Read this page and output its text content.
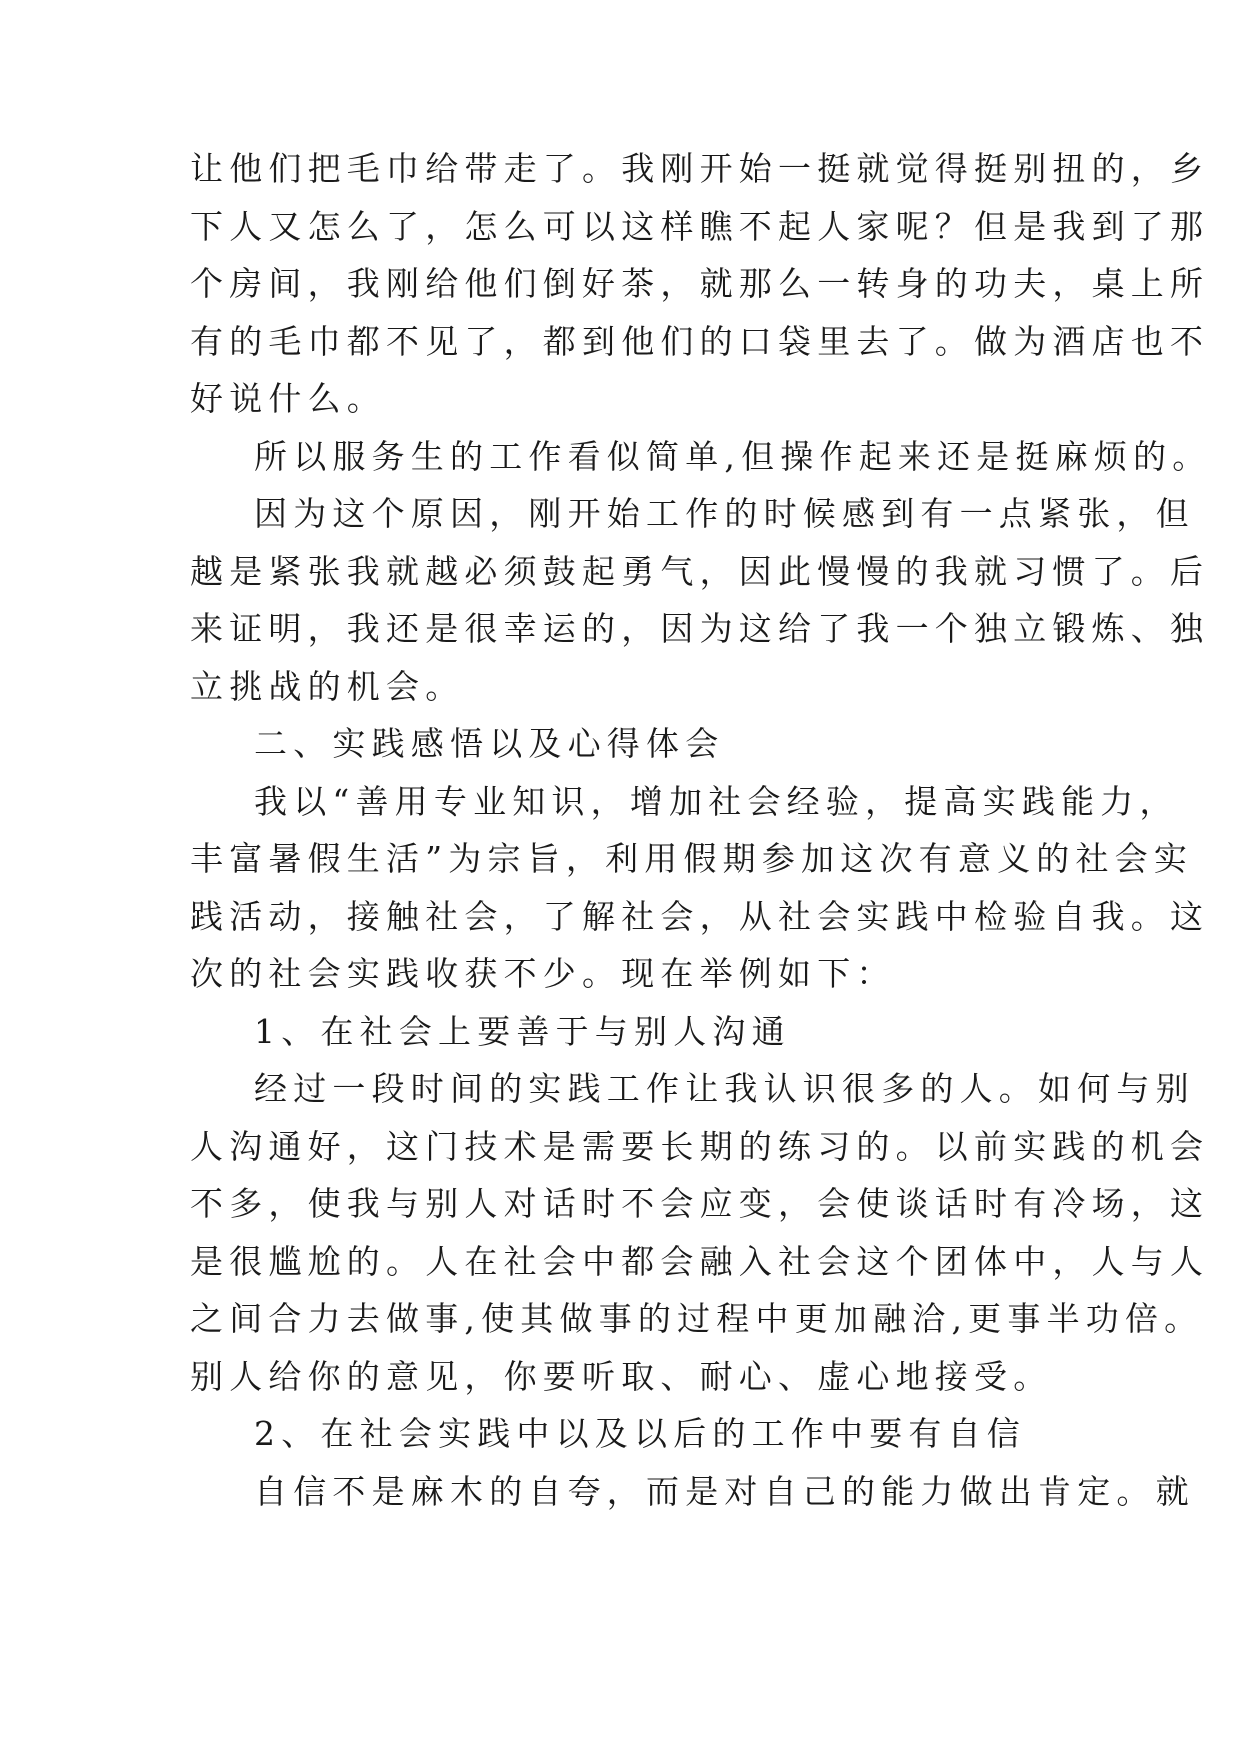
让他们把毛巾给带走了。我刚开始一挺就觉得挺别扭的，乡
下人又怎么了，怎么可以这样瞧不起人家呢？但是我到了那
个房间，我刚给他们倒好茶，就那么一转身的功夫，桌上所
有的毛巾都不见了，都到他们的口袋里去了。做为酒店也不
好说什么。
所以服务生的工作看似简单,但操作起来还是挺麻烦的。
因为这个原因，刚开始工作的时候感到有一点紧张，但
越是紧张我就越必须鼓起勇气，因此慢慢的我就习惯了。后
来证明，我还是很幸运的，因为这给了我一个独立锻炼、独
立挑战的机会。
二、实践感悟以及心得体会
我以“善用专业知识，增加社会经验，提高实践能力，
丰富暑假生活”为宗旨，利用假期参加这次有意义的社会实
践活动，接触社会，了解社会，从社会实践中检验自我。这
次的社会实践收获不少。现在举例如下：
1、在社会上要善于与别人沟通
经过一段时间的实践工作让我认识很多的人。如何与别
人沟通好，这门技术是需要长期的练习的。以前实践的机会
不多，使我与别人对话时不会应变，会使谈话时有冷场，这
是很尴尬的。人在社会中都会融入社会这个团体中，人与人
之间合力去做事,使其做事的过程中更加融洽,更事半功倍。
别人给你的意见，你要听取、耐心、虚心地接受。
2、在社会实践中以及以后的工作中要有自信
自信不是麻木的自夸，而是对自己的能力做出肯定。就
